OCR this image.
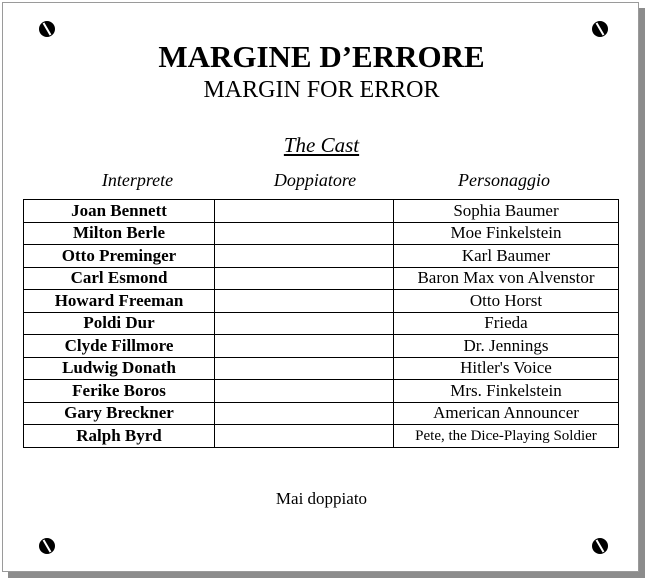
MARGINE D’ERRORE
MARGIN FOR ERROR
The Cast
Interprete	Doppiatore	Personaggio
Joan Bennett		Sophia Baumer
Milton Berle		Moe Finkelstein
Otto Preminger		Karl Baumer
Carl Esmond		Baron Max von Alvenstor
Howard Freeman		Otto Horst
Poldi Dur		Frieda
Clyde Fillmore		Dr. Jennings
Ludwig Donath		Hitler's Voice
Ferike Boros		Mrs. Finkelstein
Gary Breckner		American Announcer
Ralph Byrd		Pete, the Dice-Playing Soldier
Mai doppiato
